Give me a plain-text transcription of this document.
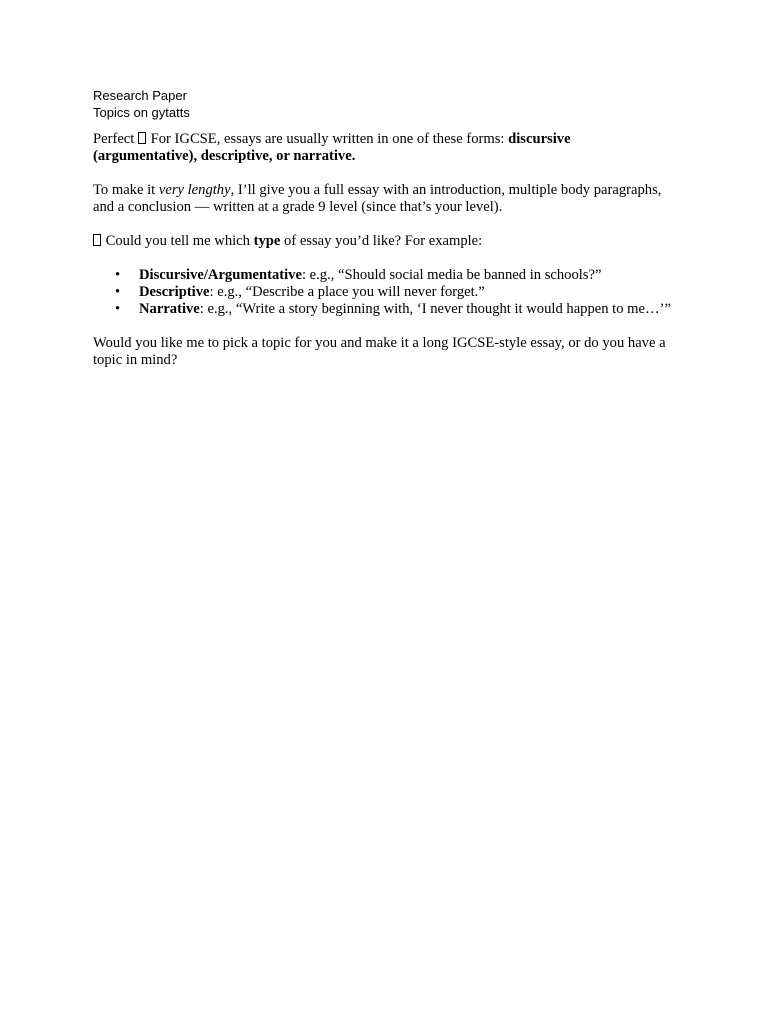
Research Paper

Topics on gytatts

Perfect  For IGCSE, essays are usually written in one of these forms: discursive (argumentative), descriptive, or narrative.

To make it very lengthy, I’ll give you a full essay with an introduction, multiple body paragraphs, and a conclusion — written at a grade 9 level (since that’s your level).

Could you tell me which type of essay you’d like? For example:

• Discursive/Argumentative: e.g., “Should social media be banned in schools?”
• Descriptive: e.g., “Describe a place you will never forget.”
• Narrative: e.g., “Write a story beginning with, ‘I never thought it would happen to me…’”

Would you like me to pick a topic for you and make it a long IGCSE-style essay, or do you have a topic in mind?
